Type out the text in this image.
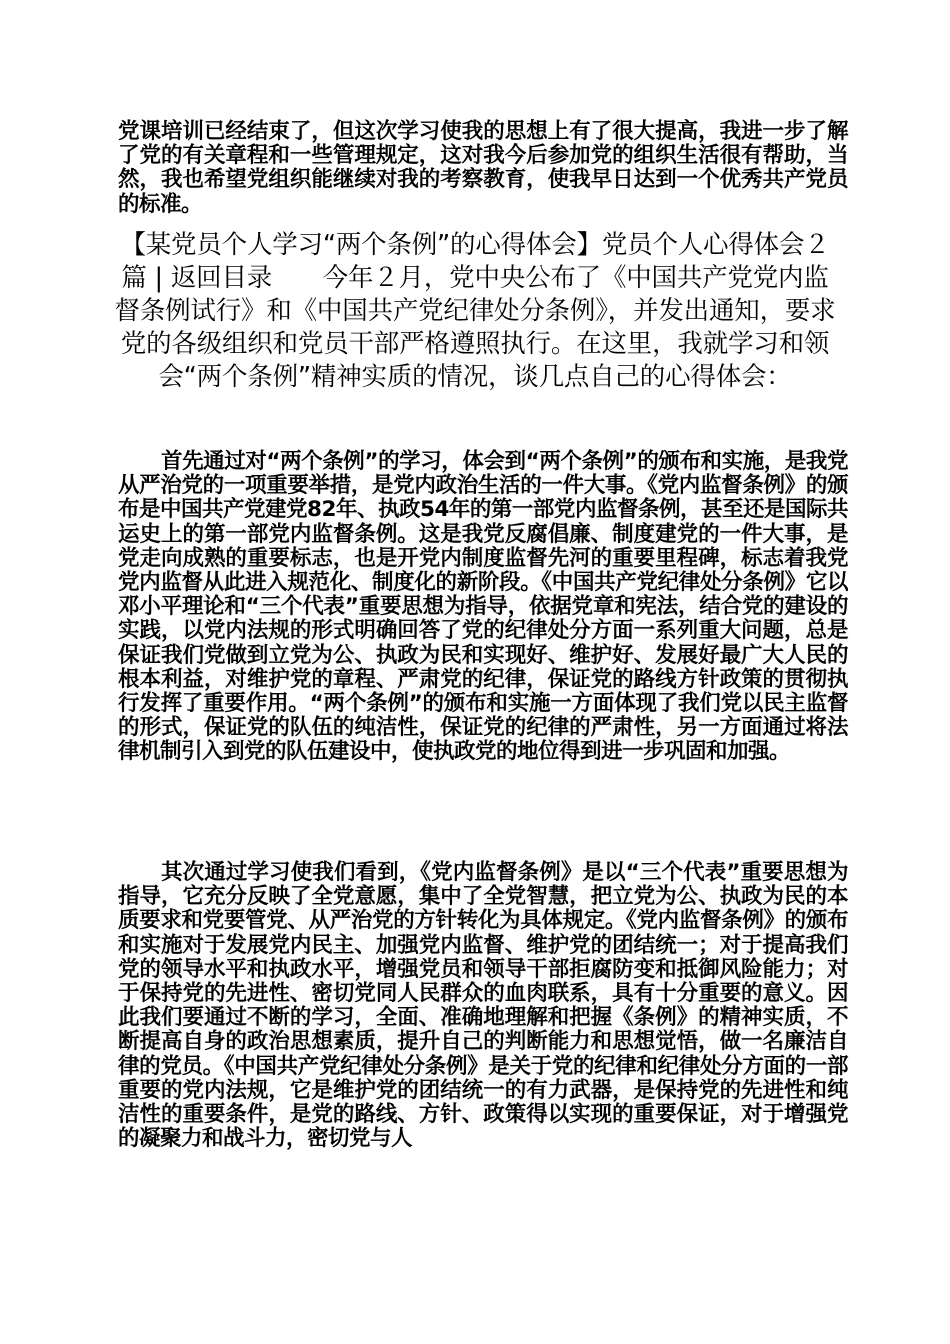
党课培训已经结束了，但这次学习使我的思想上有了很大提高，我进一步了解了党的有关章程和一些管理规定，这对我今后参加党的组织生活很有帮助，当然，我也希望党组织能继续对我的考察教育，使我早日达到一个优秀共产党员的标准。
【某党员个人学习“两个条例”的心得体会】党员个人心得体会２篇 | 返回目录　　今年２月，党中央公布了《中国共产党党内监督条例试行》和《中国共产党纪律处分条例》，并发出通知，要求党的各级组织和党员干部严格遵照执行。在这里，我就学习和领会“两个条例”精神实质的情况，谈几点自己的心得体会：
首先通过对“两个条例”的学习，体会到“两个条例”的颁布和实施，是我党从严治党的一项重要举措，是党内政治生活的一件大事。《党内监督条例》的颁布是中国共产党建党82年、执政54年的第一部党内监督条例，甚至还是国际共运史上的第一部党内监督条例。这是我党反腐倡廉、制度建党的一件大事，是党走向成熟的重要标志，也是开党内制度监督先河的重要里程碑，标志着我党党内监督从此进入规范化、制度化的新阶段。《中国共产党纪律处分条例》它以邓小平理论和“三个代表”重要思想为指导，依据党章和宪法，结合党的建设的实践，以党内法规的形式明确回答了党的纪律处分方面一系列重大问题，总是保证我们党做到立党为公、执政为民和实现好、维护好、发展好最广大人民的根本利益，对维护党的章程、严肃党的纪律，保证党的路线方针政策的贯彻执行发挥了重要作用。“两个条例”的颁布和实施一方面体现了我们党以民主监督的形式，保证党的队伍的纯洁性，保证党的纪律的严肃性，另一方面通过将法律机制引入到党的队伍建设中，使执政党的地位得到进一步巩固和加强。
其次通过学习使我们看到，《党内监督条例》是以“三个代表”重要思想为指导，它充分反映了全党意愿，集中了全党智慧，把立党为公、执政为民的本质要求和党要管党、从严治党的方针转化为具体规定。《党内监督条例》的颁布和实施对于发展党内民主、加强党内监督、维护党的团结统一；对于提高我们党的领导水平和执政水平，增强党员和领导干部拒腐防变和抵御风险能力；对于保持党的先进性、密切党同人民群众的血肉联系，具有十分重要的意义。因此我们要通过不断的学习，全面、准确地理解和把握《条例》的精神实质，不断提高自身的政治思想素质，提升自己的判断能力和思想觉悟，做一名廉洁自律的党员。《中国共产党纪律处分条例》是关于党的纪律和纪律处分方面的一部重要的党内法规，它是维护党的团结统一的有力武器，是保持党的先进性和纯洁性的重要条件，是党的路线、方针、政策得以实现的重要保证，对于增强党的凝聚力和战斗力，密切党与人
